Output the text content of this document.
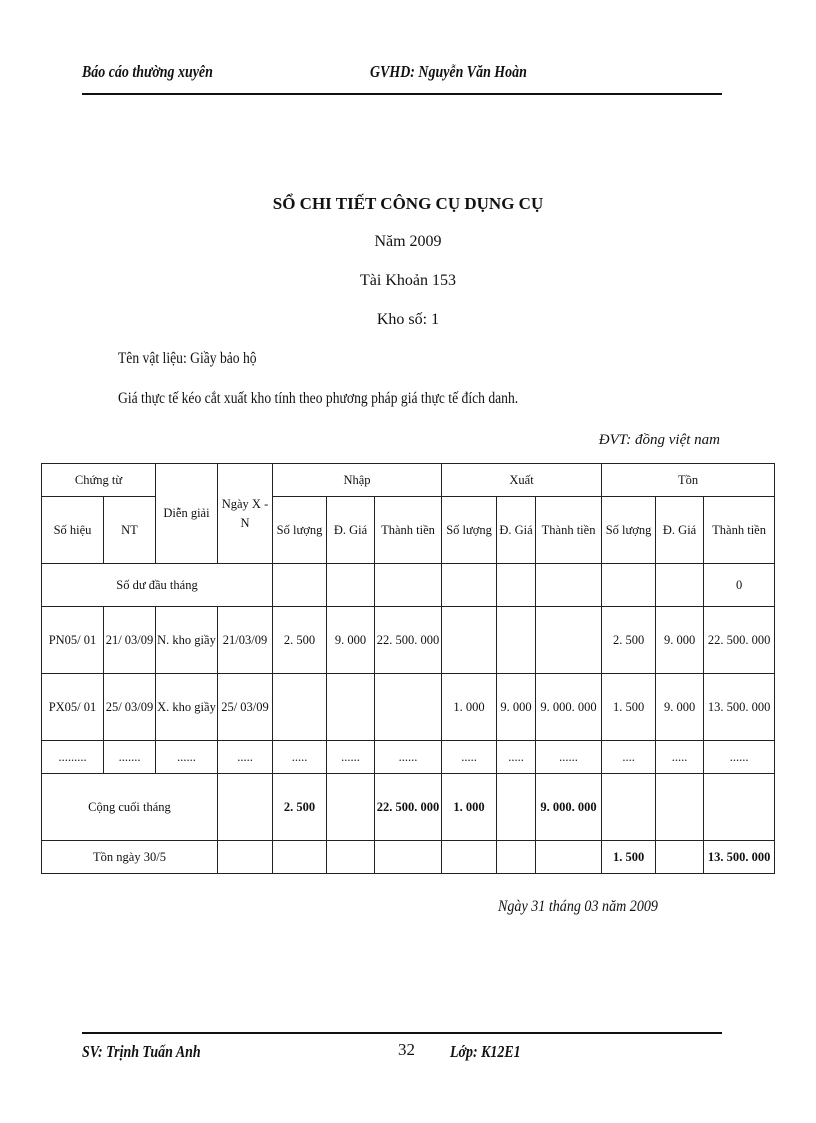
Báo cáo thường xuyên	GVHD: Nguyễn Văn Hoàn
SỔ CHI TIẾT CÔNG CỤ DỤNG CỤ
Năm 2009
Tài Khoản 153
Kho số: 1
Tên vật liệu: Giầy bảo hộ
Giá thực tế kéo cắt xuất kho tính theo phương pháp giá thực tế đích danh.
ĐVT: đồng việt nam
Chứng từ		Diễn giải	Ngày X - N	Nhập			Xuất			Tồn		
Số hiệu	NT			Số lượng	Đ. Giá	Thành tiền	Số lượng	Đ. Giá	Thành tiền	Số lượng	Đ. Giá	Thành tiền
Số dư đầu tháng												0
PN05/ 01	21/ 03/09	N. kho giầy	21/03/09	2. 500	9. 000	22. 500. 000				2. 500	9. 000	22. 500. 000
PX05/ 01	25/ 03/09	X. kho giầy	25/ 03/09				1. 000	9. 000	9. 000. 000	1. 500	9. 000	13. 500. 000
.........	.......	......	.....	.....	......	......	.....	.....	......	....	.....	......
Cộng cuối tháng				2. 500		22. 500. 000	1. 000		9. 000. 000			
Tồn ngày 30/5										1. 500		13. 500. 000
Ngày 31 tháng 03 năm 2009
SV: Trịnh Tuấn Anh	32 Lớp: K12E1
